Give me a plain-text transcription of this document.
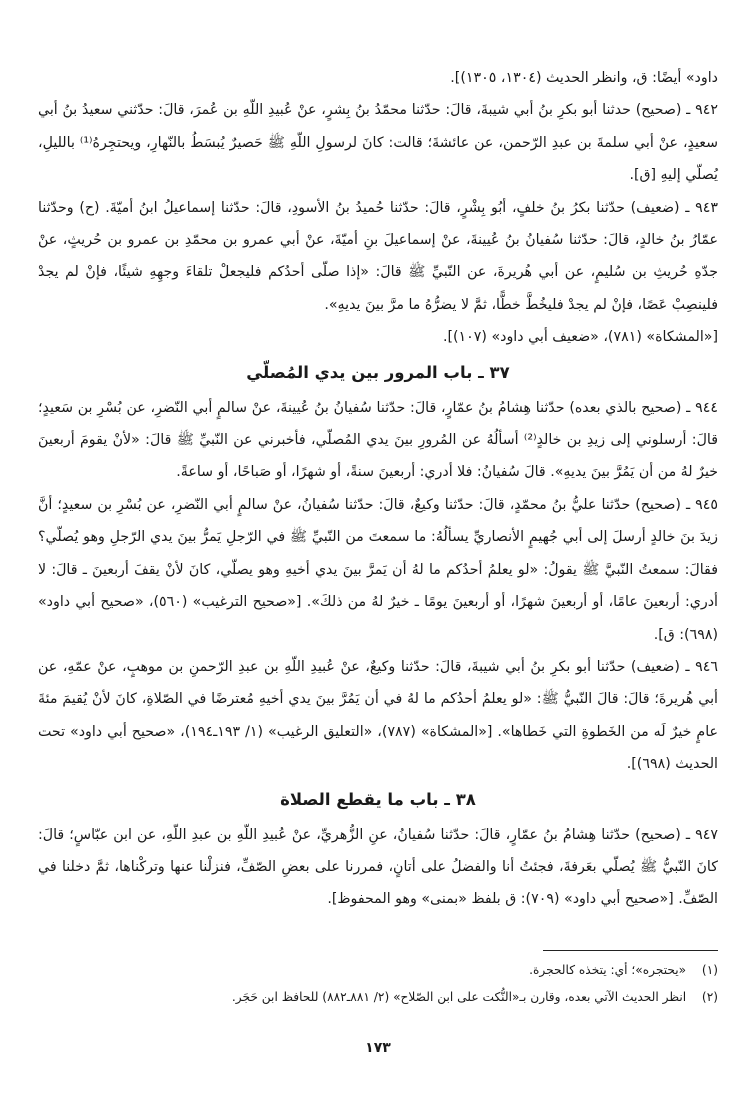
داود» أيضًا: ق، وانظر الحديث (١٣٠٤، ١٣٠٥)].

٩٤٢ ـ (صحيح) حدثنا أبو بكرِ بنُ أبي شيبةَ، قالَ: حدّثنا محمّدُ بنُ بِشرٍ، عنْ عُبيدِ اللّهِ بن عُمرَ، قالَ: حدّثني سعيدُ بنُ أبي سعيدٍ، عنْ أبي سلمةَ بن عبدِ الرّحمن، عن عائشةَ؛ قالت: كانَ لرسولِ اللّهِ ﷺ حَصيرٌ يُبسَطُ بالنّهارِ، ويحتجِرهُ⁽¹⁾ بالليلِ، يُصلّي إليهِ [ق].

٩٤٣ ـ (ضعيف) حدّثنا بكرُ بنُ خلفٍ، أبُو بِشْرٍ، قالَ: حدّثنا حُميدُ بنُ الأسودِ، قالَ: حدّثنا إسماعيلُ ابنُ أميّةَ. (ح) وحدّثنا عمّارُ بنُ خالدٍ، قالَ: حدّثنا سُفيانُ بنُ عُيينةَ، عنْ إسماعيلَ بنِ أميّةَ، عنْ أبي عمرو بن محمّدِ بن عمرو بن حُريثٍ، عنْ جدّهِ حُريثِ بن سُليمٍ، عن أبي هُريرةَ، عن النّبيِّ ﷺ قالَ: «إذا صلّى أحدُكم فليجعلْ تلقاءَ وجهِهِ شيئًا، فإنْ لم يجدْ فلينصِبْ عَصًا، فإنْ لم يجدْ فليخُطَّ خطًّا، ثمَّ لا يضرُّهُ ما مرَّ بينَ يديهِ».

[«المشكاة» (٧٨١)، «ضعيف أبي داود» (١٠٧)].

٣٧ ـ باب المرور بين يدي المُصلّي

٩٤٤ ـ (صحيح بالذي بعده) حدّثنا هِشامُ بنُ عمّارٍ، قالَ: حدّثنا سُفيانُ بنُ عُيينةَ، عنْ سالمٍ أبي النّضرِ، عن بُسْرِ بن سَعيدٍ؛ قالَ: أرسلوني إلى زيدِ بن خالدٍ⁽²⁾ أسألُهُ عن المُرورِ بينَ يدي المُصلّي، فأخبرني عن النّبيِّ ﷺ قالَ: «لأنْ يقومَ أربعينَ خيرٌ لهُ من أن يَمُرَّ بينَ يديهِ». قالَ سُفيانُ: فلا أدري: أربعينَ سنةً، أو شهرًا، أو صَباحًا، أو ساعةً.

٩٤٥ ـ (صحيح) حدّثنا عليُّ بنُ محمّدٍ، قالَ: حدّثنا وكيعٌ، قالَ: حدّثنا سُفيانُ، عنْ سالمٍ أبي النّضرِ، عن بُسْرِ بن سعيدٍ؛ أنَّ زيدَ بنَ خالدٍ أرسلَ إلى أبي جُهيمٍ الأنصاريِّ يسألُهُ: ما سمعتَ من النّبيِّ ﷺ في الرّجلِ يَمرُّ بينَ يدي الرّجلِ وهو يُصلّي؟ فقالَ: سمعتُ النّبيَّ ﷺ يقولُ: «لو يعلمُ أحدُكم ما لهُ أن يَمرَّ بينَ يدي أخيهِ وهو يصلّي، كانَ لأنْ يقفَ أربعينَ ـ قالَ: لا أدري: أربعينَ عامًا، أو أربعينَ شهرًا، أو أربعينَ يومًا ـ خيرٌ لهُ من ذلكَ». [«صحيح الترغيب» (٥٦٠)، «صحيح أبي داود» (٦٩٨): ق].

٩٤٦ ـ (ضعيف) حدّثنا أبو بكرِ بنُ أبي شيبةَ، قالَ: حدّثنا وكيعٌ، عنْ عُبيدِ اللّهِ بن عبدِ الرّحمنِ بن موهبٍ، عنْ عمّهِ، عن أبي هُريرةَ؛ قالَ: قالَ النّبيُّ ﷺ: «لو يعلمُ أحدُكم ما لهُ في أن يَمُرَّ بينَ يدي أخيهِ مُعترضًا في الصّلاةِ، كانَ لأنْ يُقيمَ مئةَ عامٍ خيرٌ لَه من الخَطوةِ التي خَطاها». [«المشكاة» (٧٨٧)، «التعليق الرغيب» (١/ ١٩٣ـ١٩٤)، «صحيح أبي داود» تحت الحديث (٦٩٨)].

٣٨ ـ باب ما يقطع الصلاة

٩٤٧ ـ (صحيح) حدّثنا هِشامُ بنُ عمّارٍ، قالَ: حدّثنا سُفيانُ، عنِ الزُّهريِّ، عنْ عُبيدِ اللّهِ بن عبدِ اللّهِ، عن ابن عبّاسٍ؛ قالَ: كانَ النّبيُّ ﷺ يُصلّي بعَرفةَ، فجئتُ أنا والفضلُ على أتانٍ، فمررنا على بعضِ الصّفِّ، فنزلْنا عنها وتركْناها، ثمَّ دخلنا في الصّفِّ. [«صحيح أبي داود» (٧٠٩): ق بلفظ «بمنى» وهو المحفوظ].

(١) «يحتجره»؛ أي: يتخذه كالحجرة.

(٢) انظر الحديث الآتي بعده، وقارن بـ«النُّكت على ابن الصّلاح» (٢/ ٨٨١ـ٨٨٢) للحافظ ابن حَجَر.

١٧٣
